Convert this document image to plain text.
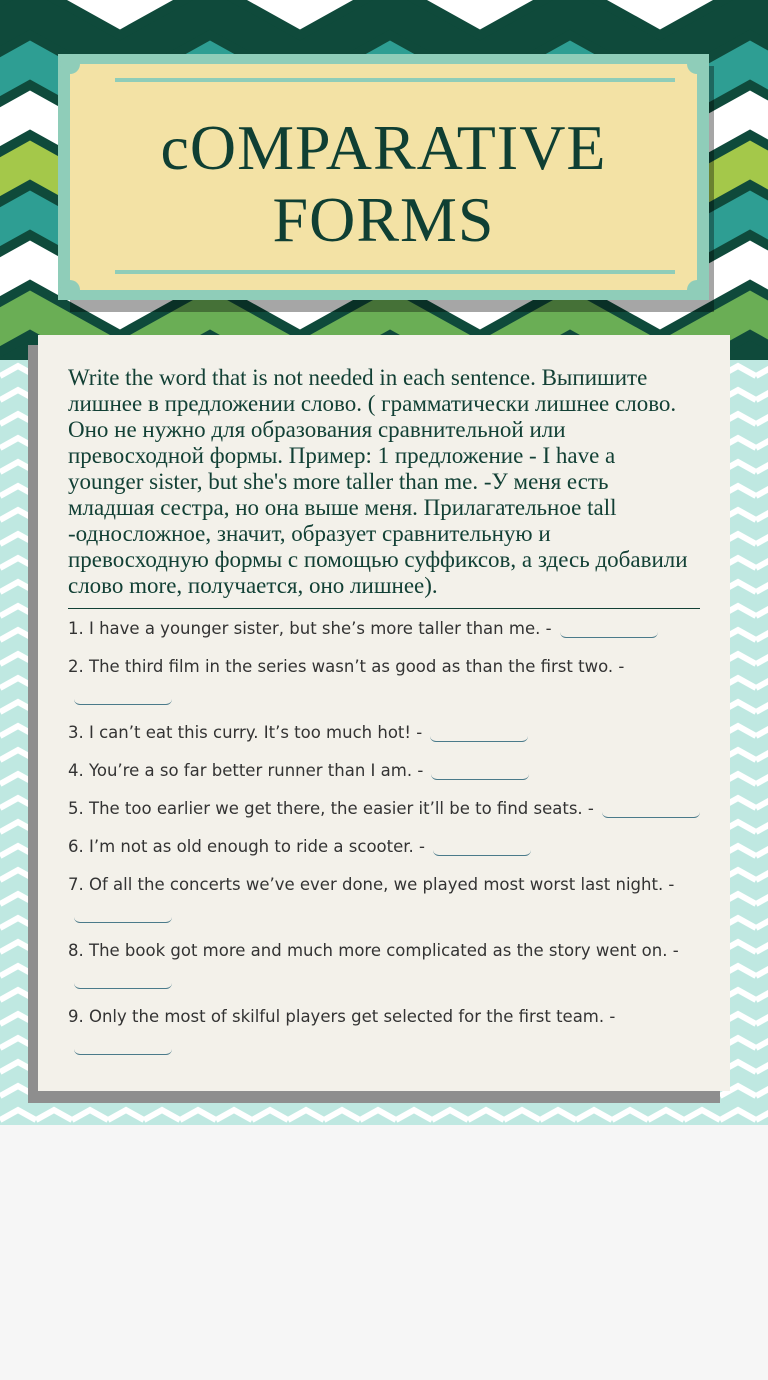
cOMPARATIVE
FORMS
Write the word that is not needed in each sentence. Выпишите лишнее в предложении слово. ( грамматически лишнее слово. Оно не нужно для образования сравнительной или превосходной формы. Пример: 1 предложение - I have a younger sister, but she's more taller than me. -У меня есть младшая сестра, но она выше меня. Прилагательное tall -односложное, значит, образует сравнительную и превосходную формы с помощью суффиксов, а здесь добавили слово more, получается, оно лишнее).
1. I have a younger sister, but she’s more taller than me. -
2. The third film in the series wasn’t as good as than the first two. -
3. I can’t eat this curry. It’s too much hot! -
4. You’re a so far better runner than I am. -
5. The too earlier we get there, the easier it’ll be to find seats. -
6. I’m not as old enough to ride a scooter. -
7. Of all the concerts we’ve ever done, we played most worst last night. -
8. The book got more and much more complicated as the story went on. -
9. Only the most of skilful players get selected for the first team. -
